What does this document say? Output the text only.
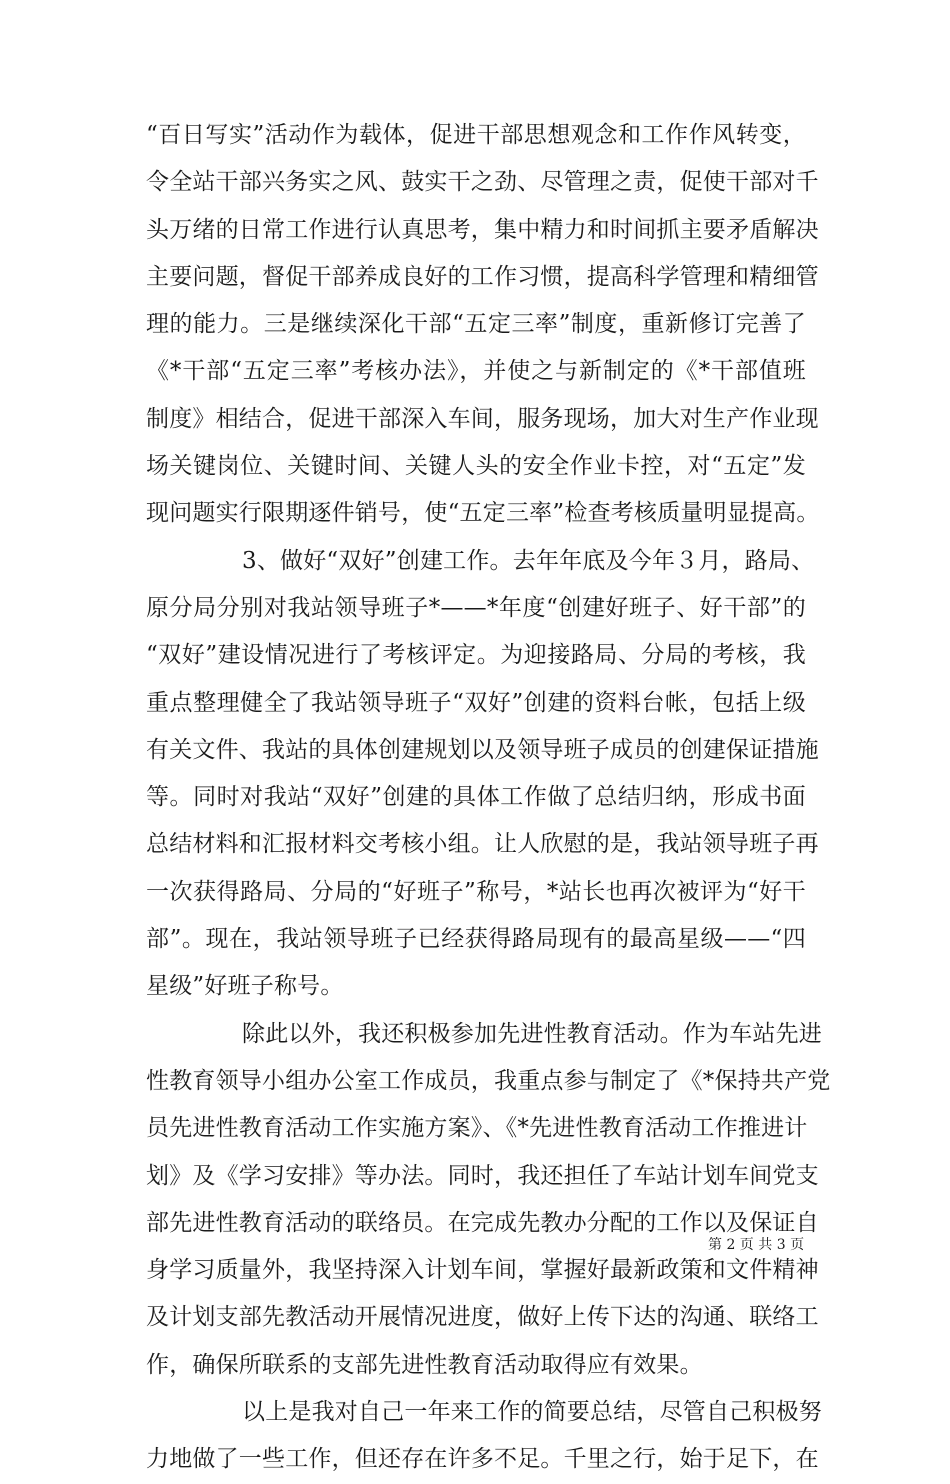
“百日写实”活动作为载体，促进干部思想观念和工作作风转变，
令全站干部兴务实之风、鼓实干之劲、尽管理之责，促使干部对千
头万绪的日常工作进行认真思考，集中精力和时间抓主要矛盾解决
主要问题，督促干部养成良好的工作习惯，提高科学管理和精细管
理的能力。三是继续深化干部“五定三率”制度，重新修订完善了
《*干部“五定三率”考核办法》，并使之与新制定的《*干部值班
制度》相结合，促进干部深入车间，服务现场，加大对生产作业现
场关键岗位、关键时间、关键人头的安全作业卡控，对“五定”发
现问题实行限期逐件销号，使“五定三率”检查考核质量明显提高。
3、做好“双好”创建工作。去年年底及今年３月，路局、
原分局分别对我站领导班子*——*年度“创建好班子、好干部”的
“双好”建设情况进行了考核评定。为迎接路局、分局的考核，我
重点整理健全了我站领导班子“双好”创建的资料台帐，包括上级
有关文件、我站的具体创建规划以及领导班子成员的创建保证措施
等。同时对我站“双好”创建的具体工作做了总结归纳，形成书面
总结材料和汇报材料交考核小组。让人欣慰的是，我站领导班子再
一次获得路局、分局的“好班子”称号，*站长也再次被评为“好干
部”。现在，我站领导班子已经获得路局现有的最高星级——“四
星级”好班子称号。
除此以外，我还积极参加先进性教育活动。作为车站先进
性教育领导小组办公室工作成员，我重点参与制定了《*保持共产党
员先进性教育活动工作实施方案》、《*先进性教育活动工作推进计
划》及《学习安排》等办法。同时，我还担任了车站计划车间党支
部先进性教育活动的联络员。在完成先教办分配的工作以及保证自
身学习质量外，我坚持深入计划车间，掌握好最新政策和文件精神
及计划支部先教活动开展情况进度，做好上传下达的沟通、联络工
作，确保所联系的支部先进性教育活动取得应有效果。
以上是我对自己一年来工作的简要总结，尽管自己积极努
力地做了一些工作，但还存在许多不足。千里之行，始于足下，在
第 2 页 共 3 页
